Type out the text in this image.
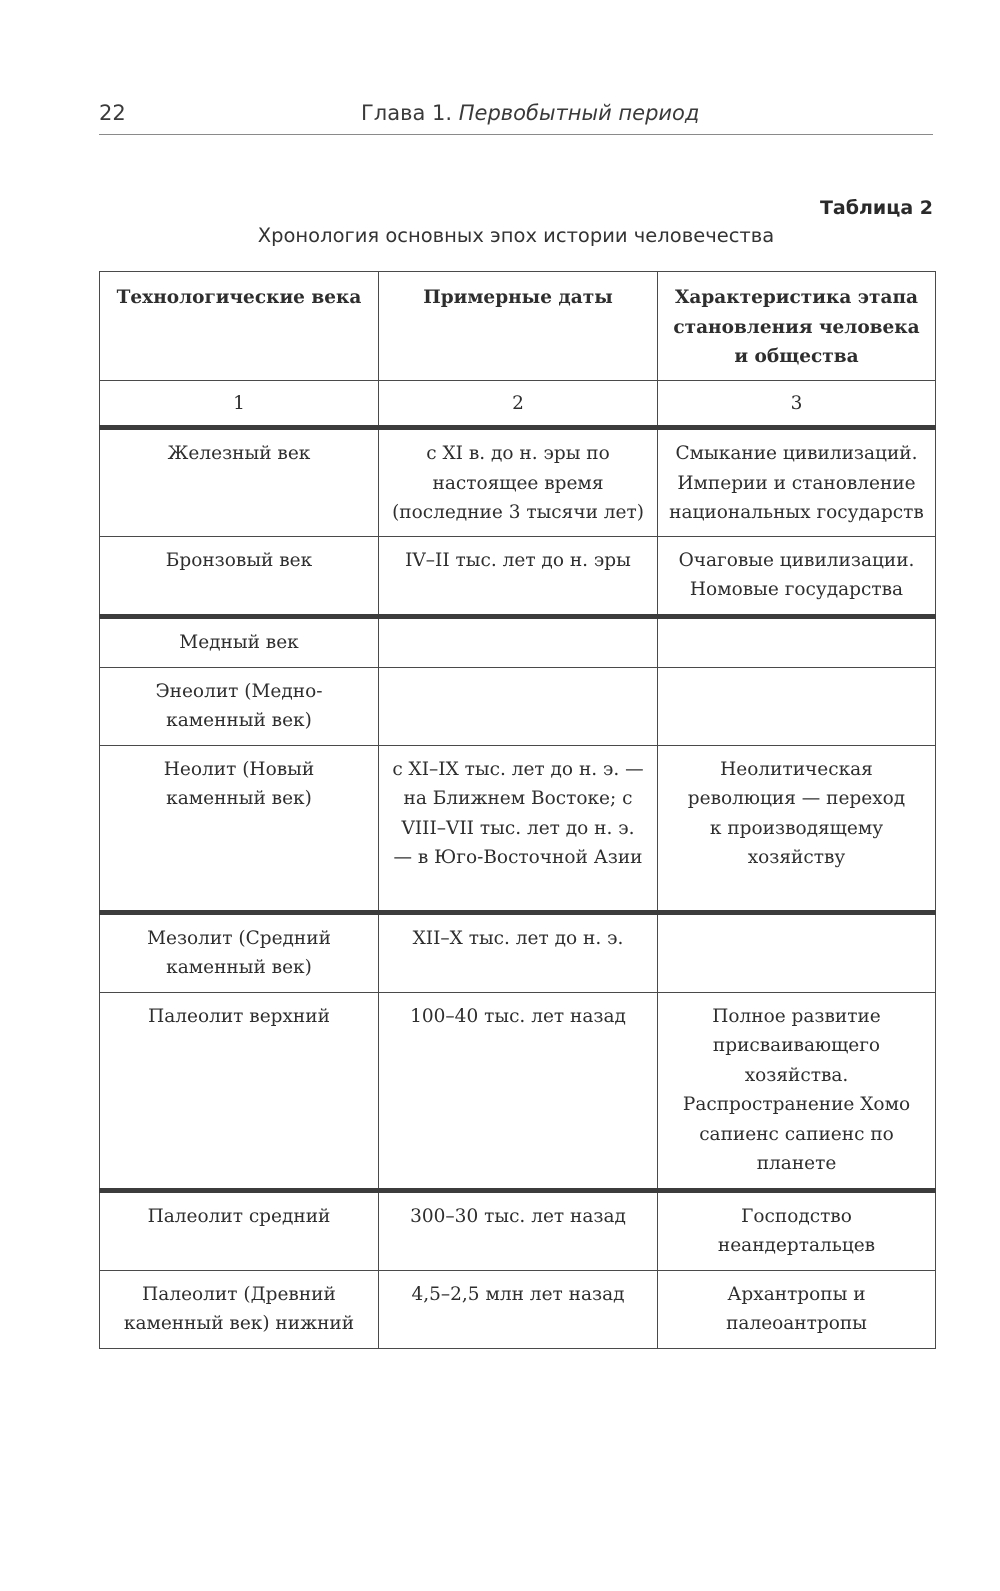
22	Глава 1. Первобытный период
Таблица 2
Хронология основных эпох истории человечества
Технологические века	Примерные даты	Характеристика этапа становления человека и общества
1	2	3
Железный век	с XI в. до н. эры по настоящее время (последние 3 тысячи лет)	Смыкание цивилизаций. Империи и становление национальных государств
Бронзовый век	IV–II тыс. лет до н. эры	Очаговые цивилизации. Номовые государства
Медный век		
Энеолит (Медно-каменный век)		
Неолит (Новый каменный век)	с XI–IX тыс. лет до н. э. — на Ближнем Востоке; с VIII–VII тыс. лет до н. э. — в Юго-Восточной Азии	Неолитическая революция — переход к производящему хозяйству
Мезолит (Средний каменный век)	XII–X тыс. лет до н. э.	
Палеолит верхний	100–40 тыс. лет назад	Полное развитие присваивающего хозяйства. Распространение Хомо сапиенс сапиенс по планете
Палеолит средний	300–30 тыс. лет назад	Господство неандертальцев
Палеолит (Древний каменный век) нижний	4,5–2,5 млн лет назад	Архантропы и палеоантропы
